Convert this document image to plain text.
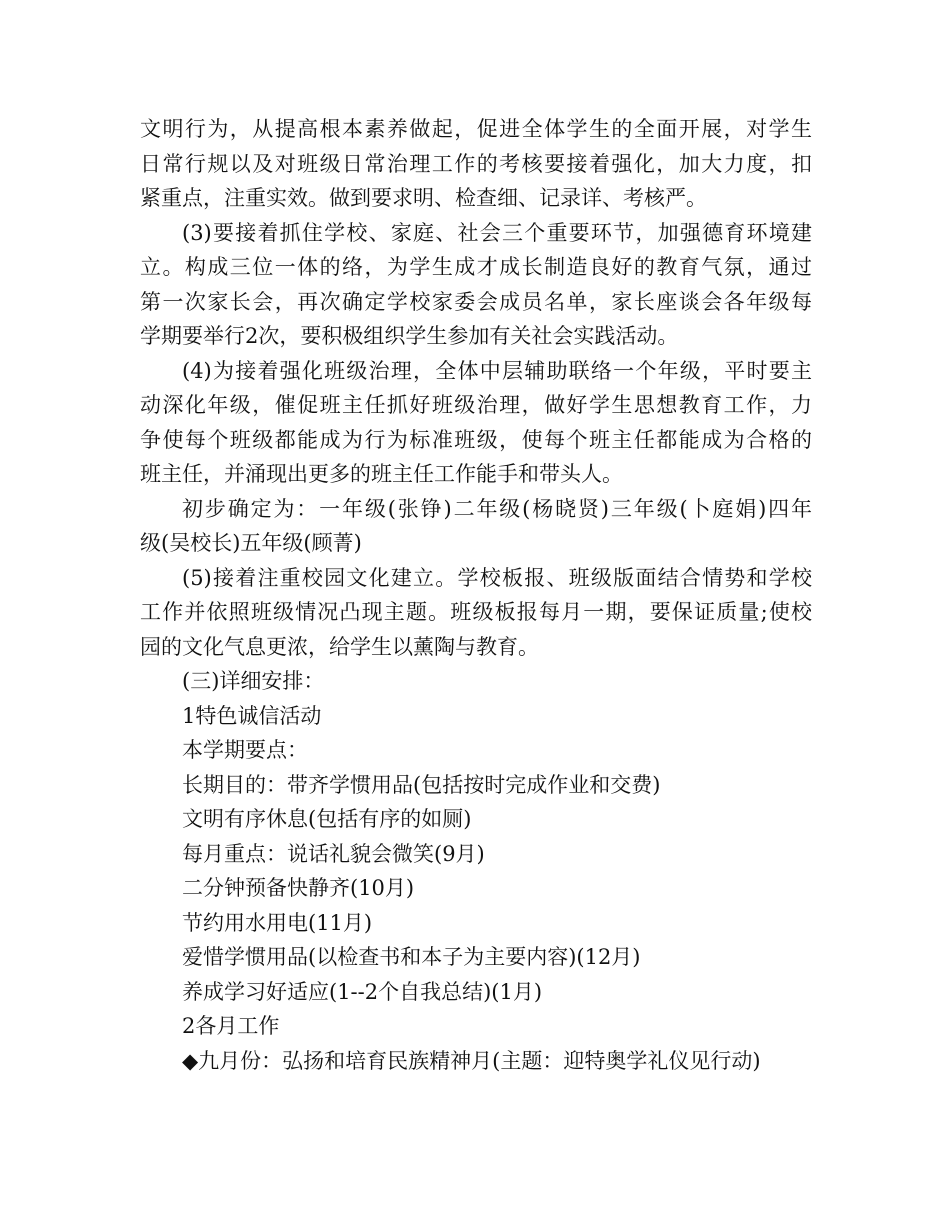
文明行为，从提高根本素养做起，促进全体学生的全面开展，对学生
日常行规以及对班级日常治理工作的考核要接着强化，加大力度，扣
紧重点，注重实效。做到要求明、检查细、记录详、考核严。
(3)要接着抓住学校、家庭、社会三个重要环节，加强德育环境建
立。构成三位一体的络，为学生成才成长制造良好的教育气氛，通过
第一次家长会，再次确定学校家委会成员名单，家长座谈会各年级每
学期要举行2次，要积极组织学生参加有关社会实践活动。
(4)为接着强化班级治理，全体中层辅助联络一个年级，平时要主
动深化年级，催促班主任抓好班级治理，做好学生思想教育工作，力
争使每个班级都能成为行为标准班级，使每个班主任都能成为合格的
班主任，并涌现出更多的班主任工作能手和带头人。
初步确定为：一年级(张铮)二年级(杨晓贤)三年级(卜庭娟)四年
级(吴校长)五年级(顾菁)
(5)接着注重校园文化建立。学校板报、班级版面结合情势和学校
工作并依照班级情况凸现主题。班级板报每月一期，要保证质量;使校
园的文化气息更浓，给学生以薰陶与教育。
(三)详细安排：
1特色诚信活动
本学期要点：
长期目的：带齐学惯用品(包括按时完成作业和交费)
文明有序休息(包括有序的如厕)
每月重点：说话礼貌会微笑(9月)
二分钟预备快静齐(10月)
节约用水用电(11月)
爱惜学惯用品(以检查书和本子为主要内容)(12月)
养成学习好适应(1--2个自我总结)(1月)
2各月工作
◆九月份：弘扬和培育民族精神月(主题：迎特奥学礼仪见行动)
